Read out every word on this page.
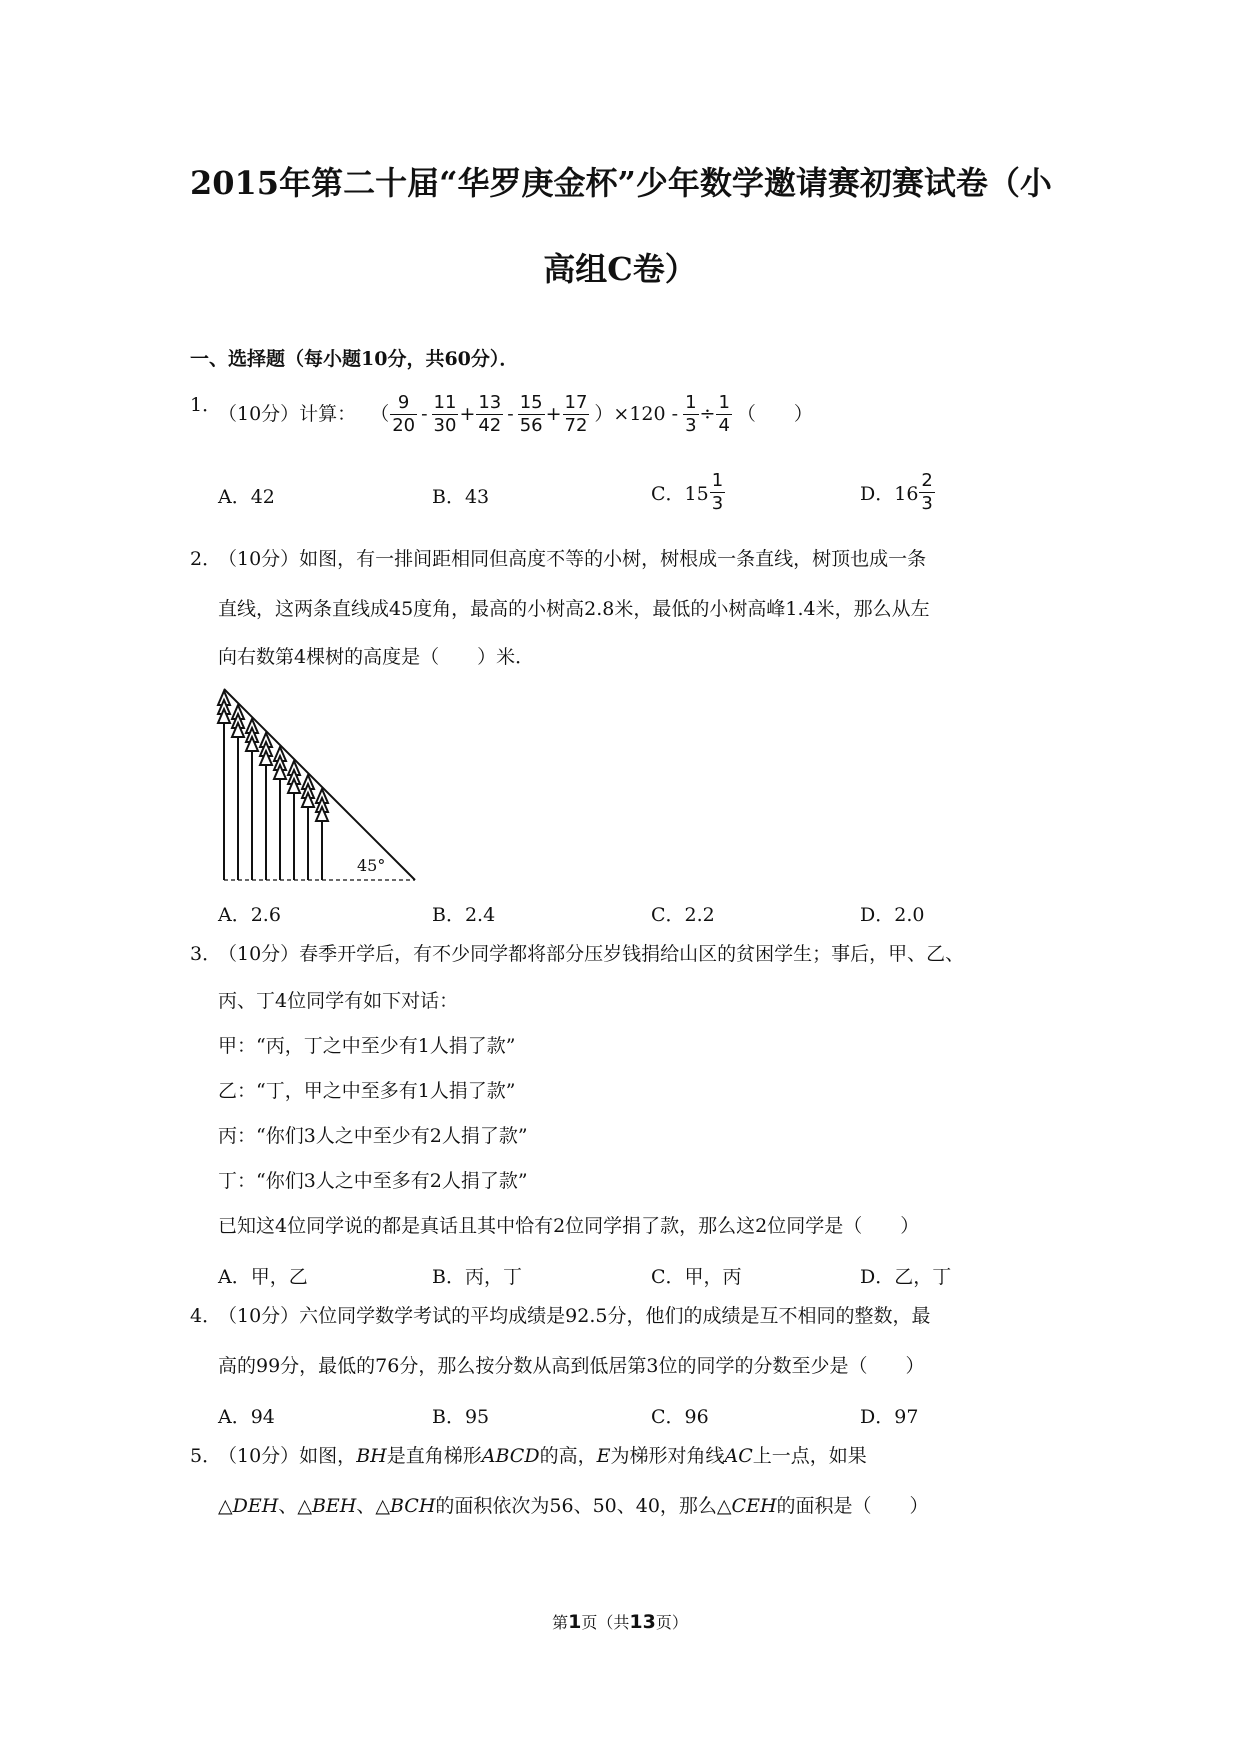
2015年第二十届“华罗庚金杯”少年数学邀请赛初赛试卷（小
高组C卷）
一、选择题（每小题10分，共60分）．
1．
（10分）计算： （ $\frac{9}{20} - \frac{11}{30} + \frac{13}{42} - \frac{15}{56} + \frac{17}{72} )\times 120 - \frac{1}{3} \div \frac{1}{4}$ （　　）
A．42	B．43	C．$15 \frac{1}{3}$	D．$16 \frac{2}{3}$
2．
（10分）如图，有一排间距相同但高度不等的小树，树根成一条直线，树顶也成一条
直线，这两条直线成45度角，最高的小树高2.8米，最低的小树高峰1.4米，那么从左
向右数第4棵树的高度是（　　）米．
45°
A．2.6	B．2.4	C．2.2	D．2.0
3．
（10分）春季开学后，有不少同学都将部分压岁钱捐给山区的贫困学生；事后，甲、乙、
丙、丁4位同学有如下对话：
甲：“丙，丁之中至少有1人捐了款”
乙：“丁，甲之中至多有1人捐了款”
丙：“你们3人之中至少有2人捐了款”
丁：“你们3人之中至多有2人捐了款”
已知这4位同学说的都是真话且其中恰有2位同学捐了款，那么这2位同学是（　　）
A．甲，乙	B．丙，丁	C．甲，丙	D．乙，丁
4．
（10分）六位同学数学考试的平均成绩是92.5分，他们的成绩是互不相同的整数，最
高的99分，最低的76分，那么按分数从高到低居第3位的同学的分数至少是（　　）
A．94	B．95	C．96	D．97
5．
（10分）如图，BH是直角梯形ABCD的高，E为梯形对角线AC上一点，如果
△DEH、△BEH、△BCH的面积依次为56、50、40，那么△CEH的面积是（　　）
第1页（共13页）
